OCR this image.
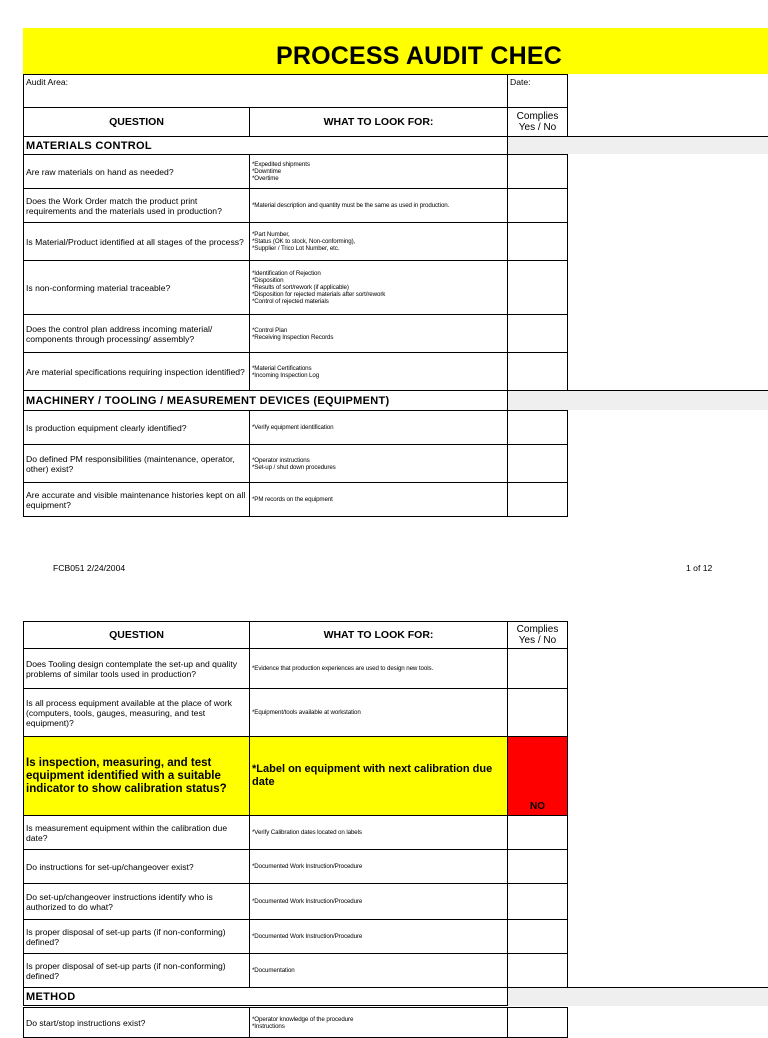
PROCESS AUDIT CHEC
Audit Area:		Date:	
QUESTION	WHAT TO LOOK FOR:	Complies Yes / No	
MATERIALS CONTROL			
Are raw materials on hand as needed?	*Expedited shipments
*Downtime
*Overtime		
Does the Work Order match the product print requirements and the materials used in production?	*Material description and quantity must be the same as used in production.		
Is Material/Product identified at all stages of the process?	*Part Number,
*Status (OK to stock, Non-conforming),
*Supplier / Trico Lot Number, etc.		
Is non-conforming material traceable?	*Identification of Rejection
*Disposition
*Results of sort/rework (if applicable)
*Disposition for rejected materials after sort/rework
*Control of rejected materials		
Does the control plan address incoming material/ components through processing/ assembly?	*Control Plan
*Receiving Inspection Records		
Are material specifications requiring inspection identified?	*Material Certifications
*Incoming Inspection Log		
MACHINERY / TOOLING / MEASUREMENT DEVICES (EQUIPMENT)			
Is production equipment clearly identified?	*Verify equipment identification		
Do defined PM responsibilities (maintenance, operator, other) exist?	*Operator instructions
*Set-up / shut down procedures		
Are accurate and visible maintenance histories kept on all equipment?	*PM records on the equipment		
FCB051 2/24/2004	1 of 12
QUESTION	WHAT TO LOOK FOR:	Complies Yes / No	
Does Tooling design contemplate the set-up and quality problems of similar tools used in production?	*Evidence that production experiences are used to design new tools.		
Is all process equipment available at the place of work (computers, tools, gauges, measuring, and test equipment)?	*Equipment/tools available at workstation		
Is inspection, measuring, and test equipment identified with a suitable indicator to show calibration status?	*Label on equipment with next calibration due date	NO	
Is measurement equipment within the calibration due date?	*Verify Calibration dates located on labels		
Do instructions for set-up/changeover exist?	*Documented Work Instruction/Procedure		
Do set-up/changeover instructions identify who is authorized to do what?	*Documented Work Instruction/Procedure		
Is proper disposal of set-up parts (if non-conforming) defined?	*Documented Work Instruction/Procedure		
Is proper disposal of set-up parts (if non-conforming) defined?	*Documentation		
METHOD			

Do start/stop instructions exist?	*Operator knowledge of the procedure
*Instructions		
